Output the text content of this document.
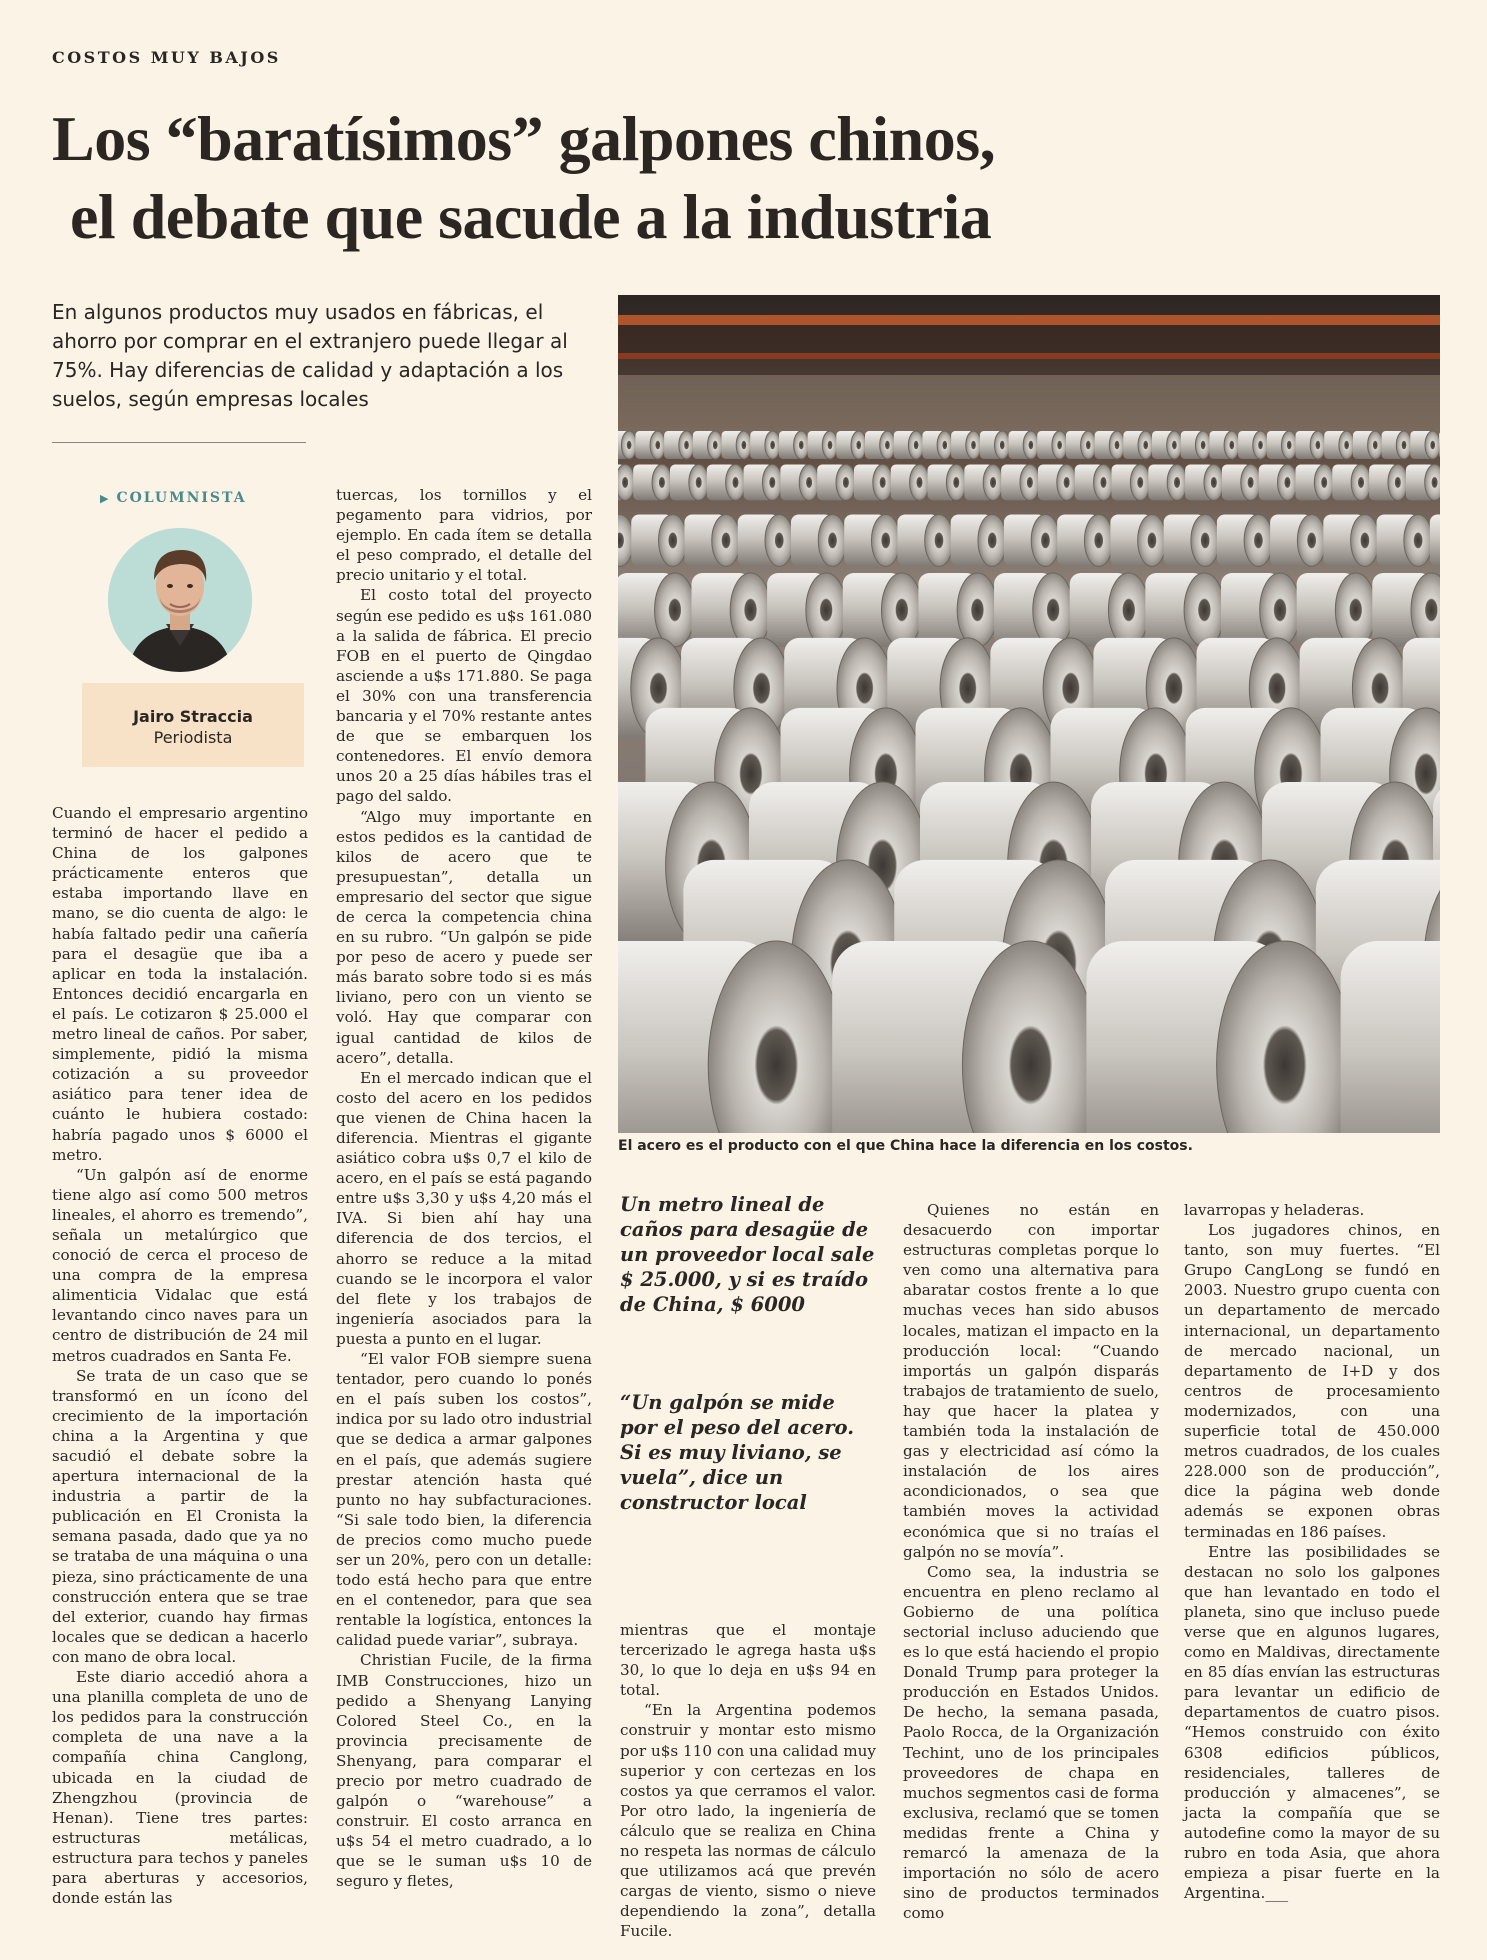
COSTOS MUY BAJOS
Los “baratísimos” galpones chinos,
el debate que sacude a la industria
En algunos productos muy usados en fábricas, el ahorro por comprar en el extranjero puede llegar al 75%. Hay diferencias de calidad y adaptación a los suelos, según empresas locales
▶ COLUMNISTA
Jairo Straccia
Periodista

Cuando el empresario argentino terminó de hacer el pedido a China de los galpones prácticamente enteros que estaba importando llave en mano, se dio cuenta de algo: le había faltado pedir una cañería para el desagüe que iba a aplicar en toda la instalación. Entonces decidió encargarla en el país. Le cotizaron $ 25.000 el metro lineal de caños. Por saber, simplemente, pidió la misma cotización a su proveedor asiático para tener idea de cuánto le hubiera costado: habría pagado unos $ 6000 el metro.

“Un galpón así de enorme tiene algo así como 500 metros lineales, el ahorro es tremendo”, señala un metalúrgico que conoció de cerca el proceso de una compra de la empresa alimenticia Vidalac que está levantando cinco naves para un centro de distribución de 24 mil metros cuadrados en Santa Fe.

Se trata de un caso que se transformó en un ícono del crecimiento de la importación china a la Argentina y que sacudió el debate sobre la apertura internacional de la industria a partir de la publicación en El Cronista la semana pasada, dado que ya no se trataba de una máquina o una pieza, sino prácticamente de una construcción entera que se trae del exterior, cuando hay firmas locales que se dedican a hacerlo con mano de obra local.

Este diario accedió ahora a una planilla completa de uno de los pedidos para la construcción completa de una nave a la compañía china Canglong, ubicada en la ciudad de Zhengzhou (provincia de Henan). Tiene tres partes: estructuras metálicas, estructura para techos y paneles para aberturas y accesorios, donde están las

tuercas, los tornillos y el pegamento para vidrios, por ejemplo. En cada ítem se detalla el peso comprado, el detalle del precio unitario y el total.

El costo total del proyecto según ese pedido es u$s 161.080 a la salida de fábrica. El precio FOB en el puerto de Qingdao asciende a u$s 171.880. Se paga el 30% con una transferencia bancaria y el 70% restante antes de que se embarquen los contenedores. El envío demora unos 20 a 25 días hábiles tras el pago del saldo.

“Algo muy importante en estos pedidos es la cantidad de kilos de acero que te presupuestan”, detalla un empresario del sector que sigue de cerca la competencia china en su rubro. “Un galpón se pide por peso de acero y puede ser más barato sobre todo si es más liviano, pero con un viento se voló. Hay que comparar con igual cantidad de kilos de acero”, detalla.

En el mercado indican que el costo del acero en los pedidos que vienen de China hacen la diferencia. Mientras el gigante asiático cobra u$s 0,7 el kilo de acero, en el país se está pagando entre u$s 3,30 y u$s 4,20 más el IVA. Si bien ahí hay una diferencia de dos tercios, el ahorro se reduce a la mitad cuando se le incorpora el valor del flete y los trabajos de ingeniería asociados para la puesta a punto en el lugar.

“El valor FOB siempre suena tentador, pero cuando lo ponés en el país suben los costos”, indica por su lado otro industrial que se dedica a armar galpones en el país, que además sugiere prestar atención hasta qué punto no hay subfacturaciones. “Si sale todo bien, la diferencia de precios como mucho puede ser un 20%, pero con un detalle: todo está hecho para que entre en el contenedor, para que sea rentable la logística, entonces la calidad puede variar”, subraya.

Christian Fucile, de la firma IMB Construcciones, hizo un pedido a Shenyang Lanying Colored Steel Co., en la provincia precisamente de Shenyang, para comparar el precio por metro cuadrado de galpón o “warehouse” a construir. El costo arranca en u$s 54 el metro cuadrado, a lo que se le suman u$s 10 de seguro y fletes,

El acero es el producto con el que China hace la diferencia en los costos.
Un metro lineal de caños para desagüe de un proveedor local sale $ 25.000, y si es traído de China, $ 6000
“Un galpón se mide por el peso del acero. Si es muy liviano, se vuela”, dice un constructor local

mientras que el montaje tercerizado le agrega hasta u$s 30, lo que lo deja en u$s 94 en total.

“En la Argentina podemos construir y montar esto mismo por u$s 110 con una calidad muy superior y con certezas en los costos ya que cerramos el valor. Por otro lado, la ingeniería de cálculo que se realiza en China no respeta las normas de cálculo que utilizamos acá que prevén cargas de viento, sismo o nieve dependiendo la zona”, detalla Fucile.

Quienes no están en desacuerdo con importar estructuras completas porque lo ven como una alternativa para abaratar costos frente a lo que muchas veces han sido abusos locales, matizan el impacto en la producción local: “Cuando importás un galpón disparás trabajos de tratamiento de suelo, hay que hacer la platea y también toda la instalación de gas y electricidad así cómo la instalación de los aires acondicionados, o sea que también moves la actividad económica que si no traías el galpón no se movía”.

Como sea, la industria se encuentra en pleno reclamo al Gobierno de una política sectorial incluso aduciendo que es lo que está haciendo el propio Donald Trump para proteger la producción en Estados Unidos. De hecho, la semana pasada, Paolo Rocca, de la Organización Techint, uno de los principales proveedores de chapa en muchos segmentos casi de forma exclusiva, reclamó que se tomen medidas frente a China y remarcó la amenaza de la importación no sólo de acero sino de productos terminados como

lavarropas y heladeras.

Los jugadores chinos, en tanto, son muy fuertes. “El Grupo CangLong se fundó en 2003. Nuestro grupo cuenta con un departamento de mercado internacional, un departamento de mercado nacional, un departamento de I+D y dos centros de procesamiento modernizados, con una superficie total de 450.000 metros cuadrados, de los cuales 228.000 son de producción”, dice la página web donde además se exponen obras terminadas en 186 países.

Entre las posibilidades se destacan no solo los galpones que han levantado en todo el planeta, sino que incluso puede verse que en algunos lugares, como en Maldivas, directamente en 85 días envían las estructuras para levantar un edificio de departamentos de cuatro pisos. “Hemos construido con éxito 6308 edificios públicos, residenciales, talleres de producción y almacenes”, se jacta la compañía que se autodefine como la mayor de su rubro en toda Asia, que ahora empieza a pisar fuerte en la Argentina.___
